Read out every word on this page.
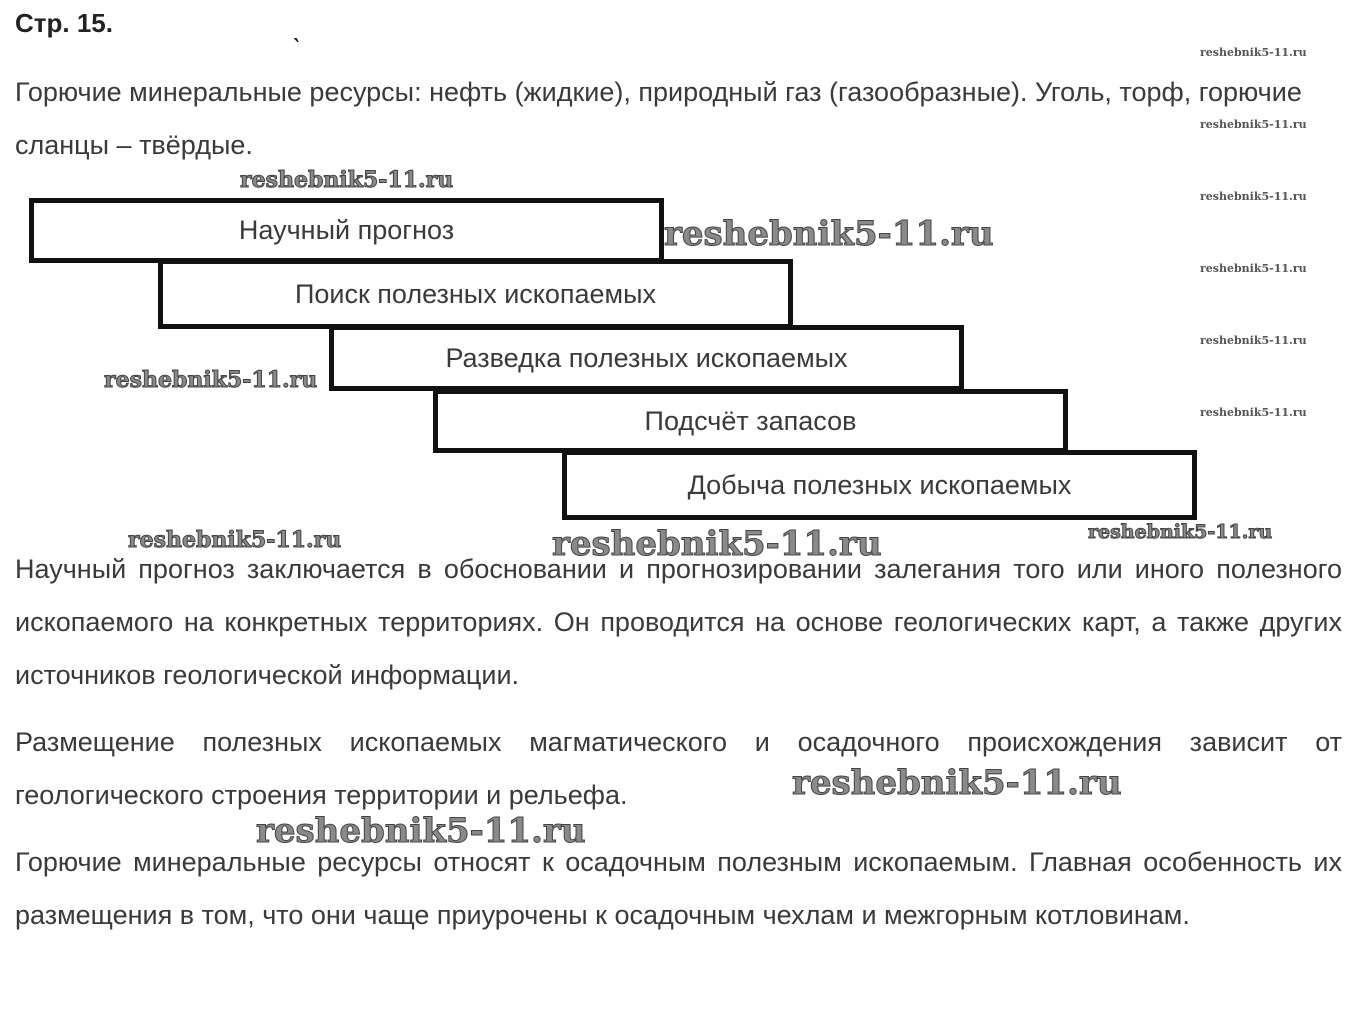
Стр. 15.	ˎ

Горючие минеральные ресурсы: нефть (жидкие), природный газ (газообразные). Уголь, торф, горючие сланцы – твёрдые.

Научный прогноз
Поиск полезных ископаемых
Разведка полезных ископаемых
Подсчёт запасов
Добыча полезных ископаемых

Научный прогноз заключается в обосновании и прогнозировании залегания того или иного полезного ископаемого на конкретных территориях. Он проводится на основе геологических карт, а также других источников геологической информации.

Размещение полезных ископаемых магматического и осадочного происхождения зависит от геологического строения территории и рельефа.

Горючие минеральные ресурсы относят к осадочным полезным ископаемым. Главная особенность их размещения в том, что они чаще приурочены к осадочным чехлам и межгорным котловинам.

reshebnik5-11.ru
reshebnik5-11.ru
reshebnik5-11.ru
reshebnik5-11.ru
reshebnik5-11.ru
reshebnik5-11.ru
reshebnik5-11.ru
reshebnik5-11.ru
reshebnik5-11.ru
reshebnik5-11.ru	reshebnik5-11.ru	reshebnik5-11.ru
reshebnik5-11.ru
reshebnik5-11.ru
